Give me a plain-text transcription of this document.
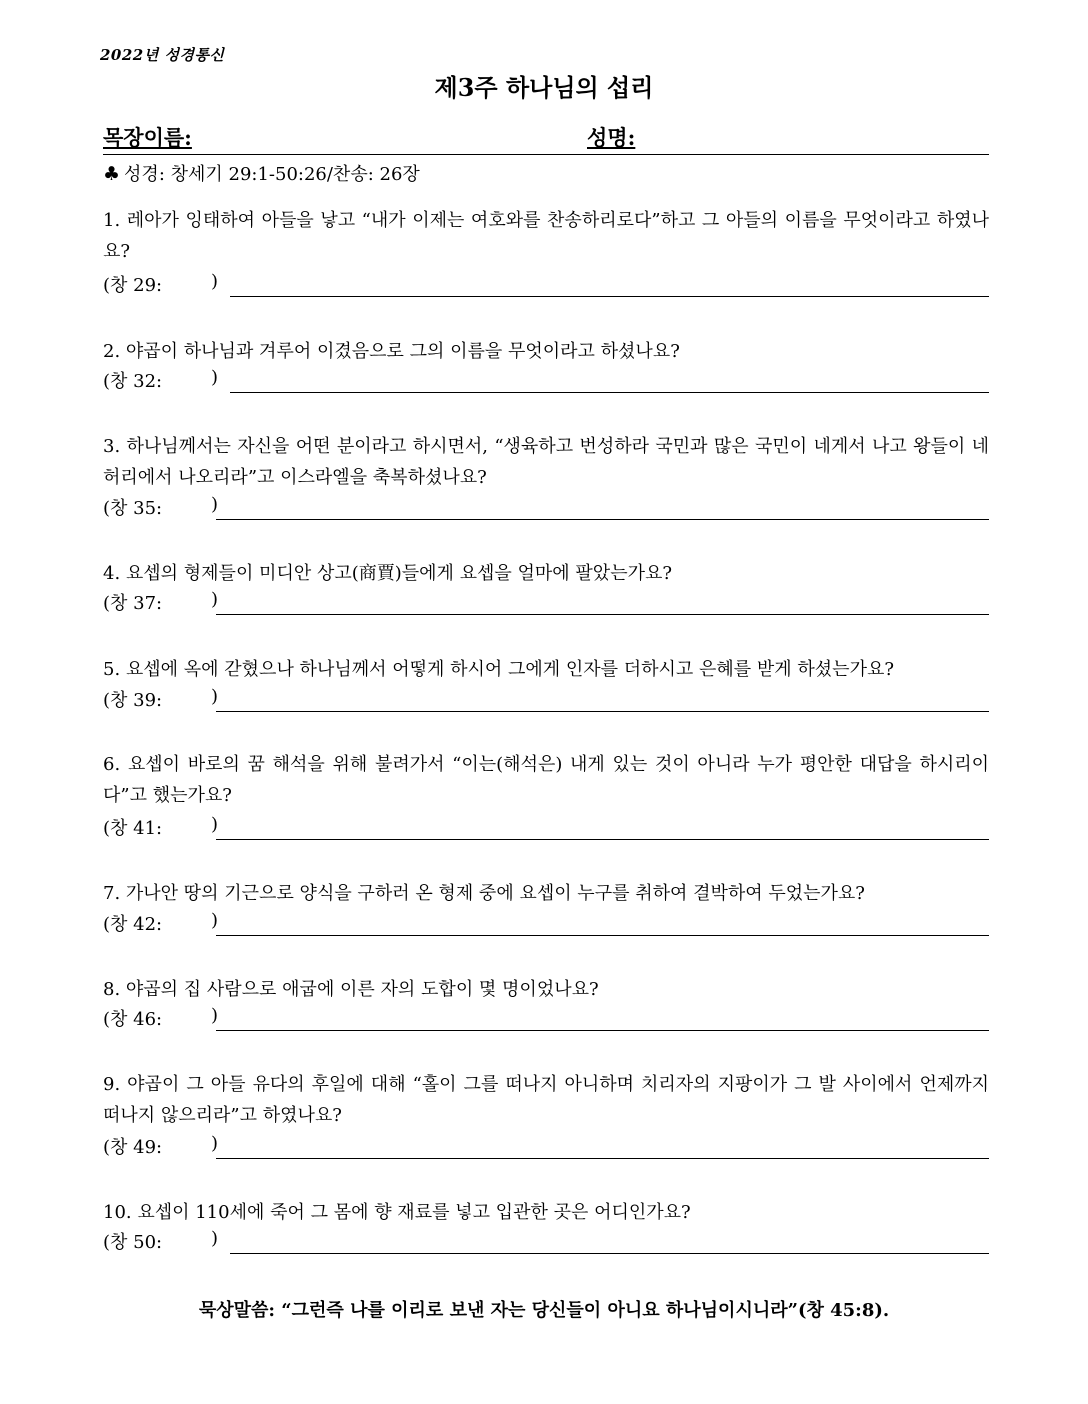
2022년 성경통신
제3주 하나님의 섭리
목장이름:	성명:
♣ 성경: 창세기 29:1-50:26/찬송: 26장
1. 레아가 잉태하여 아들을 낳고 “내가 이제는 여호와를 찬송하리로다”하고 그 아들의 이름을 무엇이라고 하였나요?
(창 29:	)
2. 야곱이 하나님과 겨루어 이겼음으로 그의 이름을 무엇이라고 하셨나요?
(창 32:	)
3. 하나님께서는 자신을 어떤 분이라고 하시면서, “생육하고 번성하라 국민과 많은 국민이 네게서 나고 왕들이 네 허리에서 나오리라”고 이스라엘을 축복하셨나요?
(창 35:	)
4. 요셉의 형제들이 미디안 상고(商賈)들에게 요셉을 얼마에 팔았는가요?
(창 37:	)
5. 요셉에 옥에 갇혔으나 하나님께서 어떻게 하시어 그에게 인자를 더하시고 은혜를 받게 하셨는가요?
(창 39:	)
6. 요셉이 바로의 꿈 해석을 위해 불려가서 “이는(해석은) 내게 있는 것이 아니라 누가 평안한 대답을 하시리이다”고 했는가요?
(창 41:	)
7. 가나안 땅의 기근으로 양식을 구하러 온 형제 중에 요셉이 누구를 취하여 결박하여 두었는가요?
(창 42:	)
8. 야곱의 집 사람으로 애굽에 이른 자의 도합이 몇 명이었나요?
(창 46:	)
9. 야곱이 그 아들 유다의 후일에 대해 “홀이 그를 떠나지 아니하며 치리자의 지팡이가 그 발 사이에서 언제까지 떠나지 않으리라”고 하였나요?
(창 49:	)
10. 요셉이 110세에 죽어 그 몸에 향 재료를 넣고 입관한 곳은 어디인가요?
(창 50:	)
묵상말씀: “그런즉 나를 이리로 보낸 자는 당신들이 아니요 하나님이시니라”(창 45:8).
